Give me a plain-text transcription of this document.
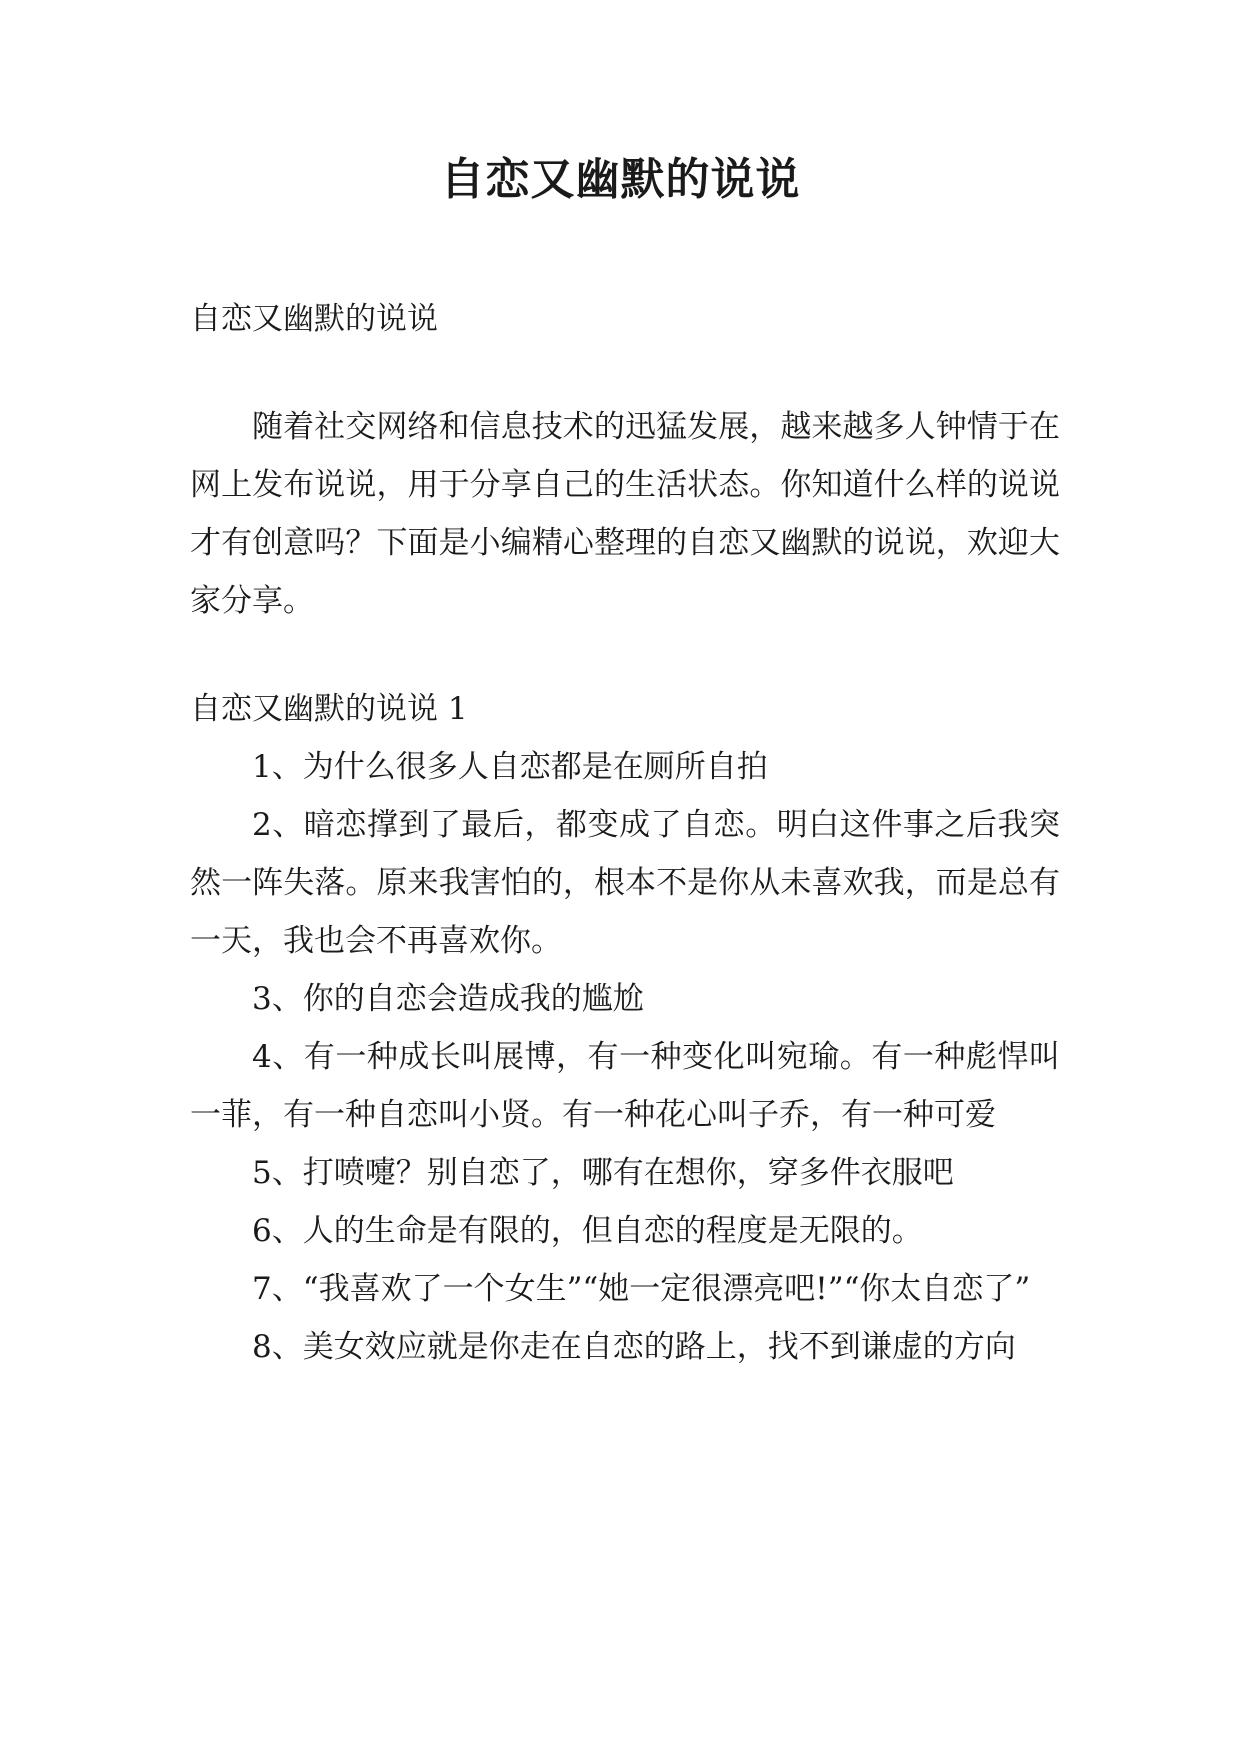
自恋又幽默的说说

自恋又幽默的说说

随着社交网络和信息技术的迅猛发展，越来越多人钟情于在网上发布说说，用于分享自己的生活状态。你知道什么样的说说才有创意吗？下面是小编精心整理的自恋又幽默的说说，欢迎大家分享。

自恋又幽默的说说 1

1、为什么很多人自恋都是在厕所自拍

2、暗恋撑到了最后，都变成了自恋。明白这件事之后我突然一阵失落。原来我害怕的，根本不是你从未喜欢我，而是总有一天，我也会不再喜欢你。

3、你的自恋会造成我的尴尬

4、有一种成长叫展博，有一种变化叫宛瑜。有一种彪悍叫一菲，有一种自恋叫小贤。有一种花心叫子乔，有一种可爱

5、打喷嚏？别自恋了，哪有在想你，穿多件衣服吧

6、人的生命是有限的，但自恋的程度是无限的。

7、“我喜欢了一个女生”“她一定很漂亮吧!”“你太自恋了”

8、美女效应就是你走在自恋的路上，找不到谦虚的方向
